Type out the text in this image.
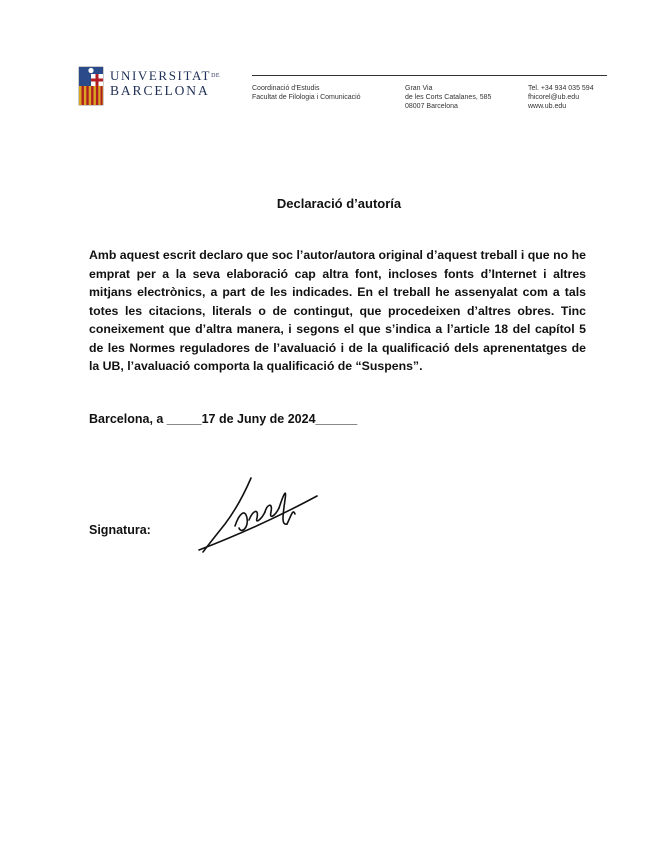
$UNIVERSITAT^{DE}$
BARCELONA	Coordinació d'Estudis
Facultat de Filologia i Comunicació
Gran Via
de les Corts Catalanes, 585
08007 Barcelona
Tel. +34 934 035 594
fhicorel@ub.edu
www.ub.edu
Declaració d’autoría
Amb aquest escrit declaro que soc l’autor/autora original d’aquest treball i que no he emprat per a la seva elaboració cap altra font, incloses fonts d’Internet i altres mitjans electrònics, a part de les indicades. En el treball he assenyalat com a tals totes les citacions, literals o de contingut, que procedeixen d’altres obres. Tinc coneixement que d’altra manera, i segons el que s’indica a l’article 18 del capítol 5 de les Normes reguladores de l’avaluació i de la qualificació dels aprenentatges de la UB, l’avaluació comporta la qualificació de “Suspens”.
Barcelona, a _____17 de Juny de 2024______
Signatura:
